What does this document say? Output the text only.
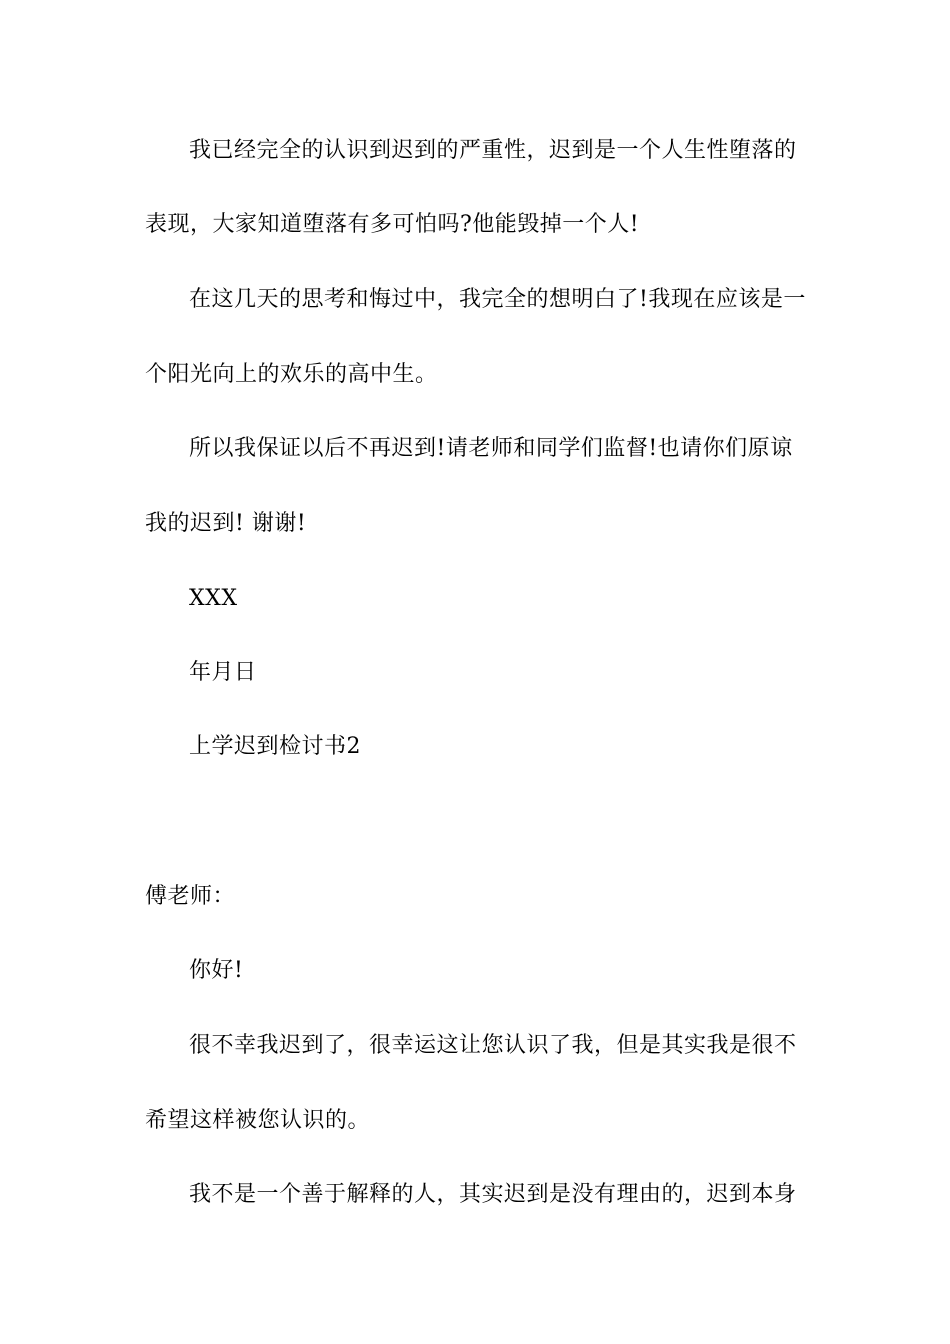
我已经完全的认识到迟到的严重性，迟到是一个人生性堕落的
表现，大家知道堕落有多可怕吗?他能毁掉一个人!
在这几天的思考和悔过中，我完全的想明白了!我现在应该是一
个阳光向上的欢乐的高中生。
所以我保证以后不再迟到!请老师和同学们监督!也请你们原谅
我的迟到! 谢谢!
XXX
年月日
上学迟到检讨书2
傅老师：
你好!
很不幸我迟到了，很幸运这让您认识了我，但是其实我是很不
希望这样被您认识的。
我不是一个善于解释的人，其实迟到是没有理由的，迟到本身
